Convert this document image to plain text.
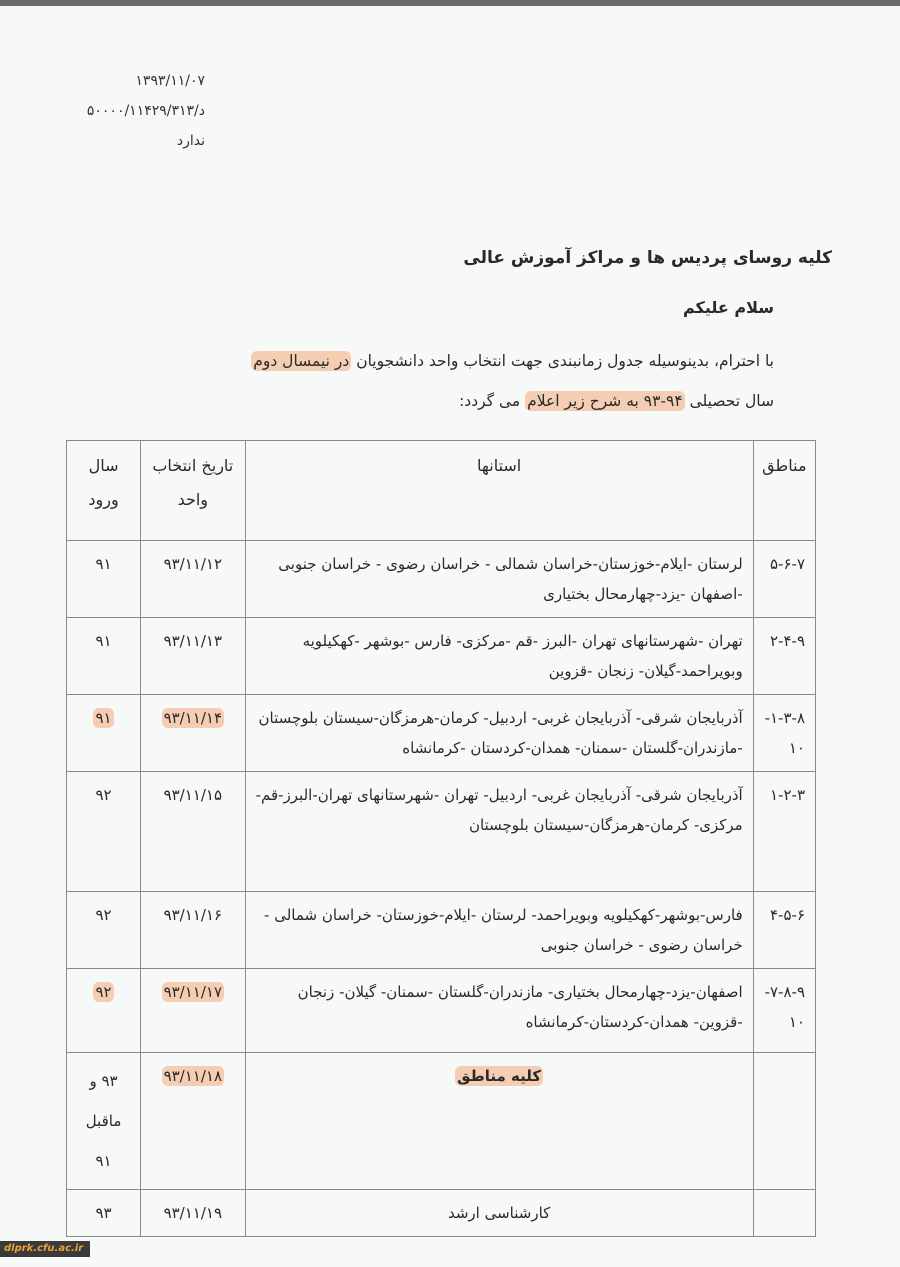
۱۳۹۳/۱۱/۰۷
د/۵۰۰۰۰/۱۱۴۲۹/۳۱۳
ندارد
کلیه روسای پردیس ها و مراکز آموزش عالی
سلام علیکم
با احترام، بدینوسیله جدول زمانبندی جهت انتخاب واحد دانشجویان در نیمسال دوم
سال تحصیلی ۹۴-۹۳ به شرح زیر اعلام می گردد:
مناطق	استانها	تاریخ انتخاب واحد	سال ورود
۵-۶-۷	لرستان -ایلام-خوزستان-خراسان شمالی - خراسان رضوی - خراسان جنوبی -اصفهان -یزد-چهارمحال بختیاری	۹۳/۱۱/۱۲	۹۱
۲-۴-۹	تهران -شهرستانهای تهران -البرز -قم -مرکزی- فارس -بوشهر -کهکیلویه وبویراحمد-گیلان- زنجان -قزوین	۹۳/۱۱/۱۳	۹۱
۱-۳-۸- ۱۰	آذربایجان شرقی- آذربایجان غربی- اردبیل- کرمان-هرمزگان-سیستان بلوچستان -مازندران-گلستان -سمنان- همدان-کردستان -کرمانشاه	۹۳/۱۱/۱۴	۹۱
۱-۲-۳	آذربایجان شرقی- آذربایجان غربی- اردبیل- تهران -شهرستانهای تهران-البرز-قم-مرکزی- کرمان-هرمزگان-سیستان بلوچستان	۹۳/۱۱/۱۵	۹۲
۴-۵-۶	فارس-بوشهر-کهکیلویه وبویراحمد- لرستان -ایلام-خوزستان- خراسان شمالی - خراسان رضوی - خراسان جنوبی	۹۳/۱۱/۱۶	۹۲
۷-۸-۹- ۱۰	اصفهان-یزد-چهارمحال بختیاری- مازندران-گلستان -سمنان- گیلان- زنجان -قزوین- همدان-کردستان-کرمانشاه	۹۳/۱۱/۱۷	۹۲
	کلیه مناطق	۹۳/۱۱/۱۸	۹۳ و ماقبل ۹۱
	کارشناسی ارشد	۹۳/۱۱/۱۹	۹۳
dlprk.cfu.ac.ir
